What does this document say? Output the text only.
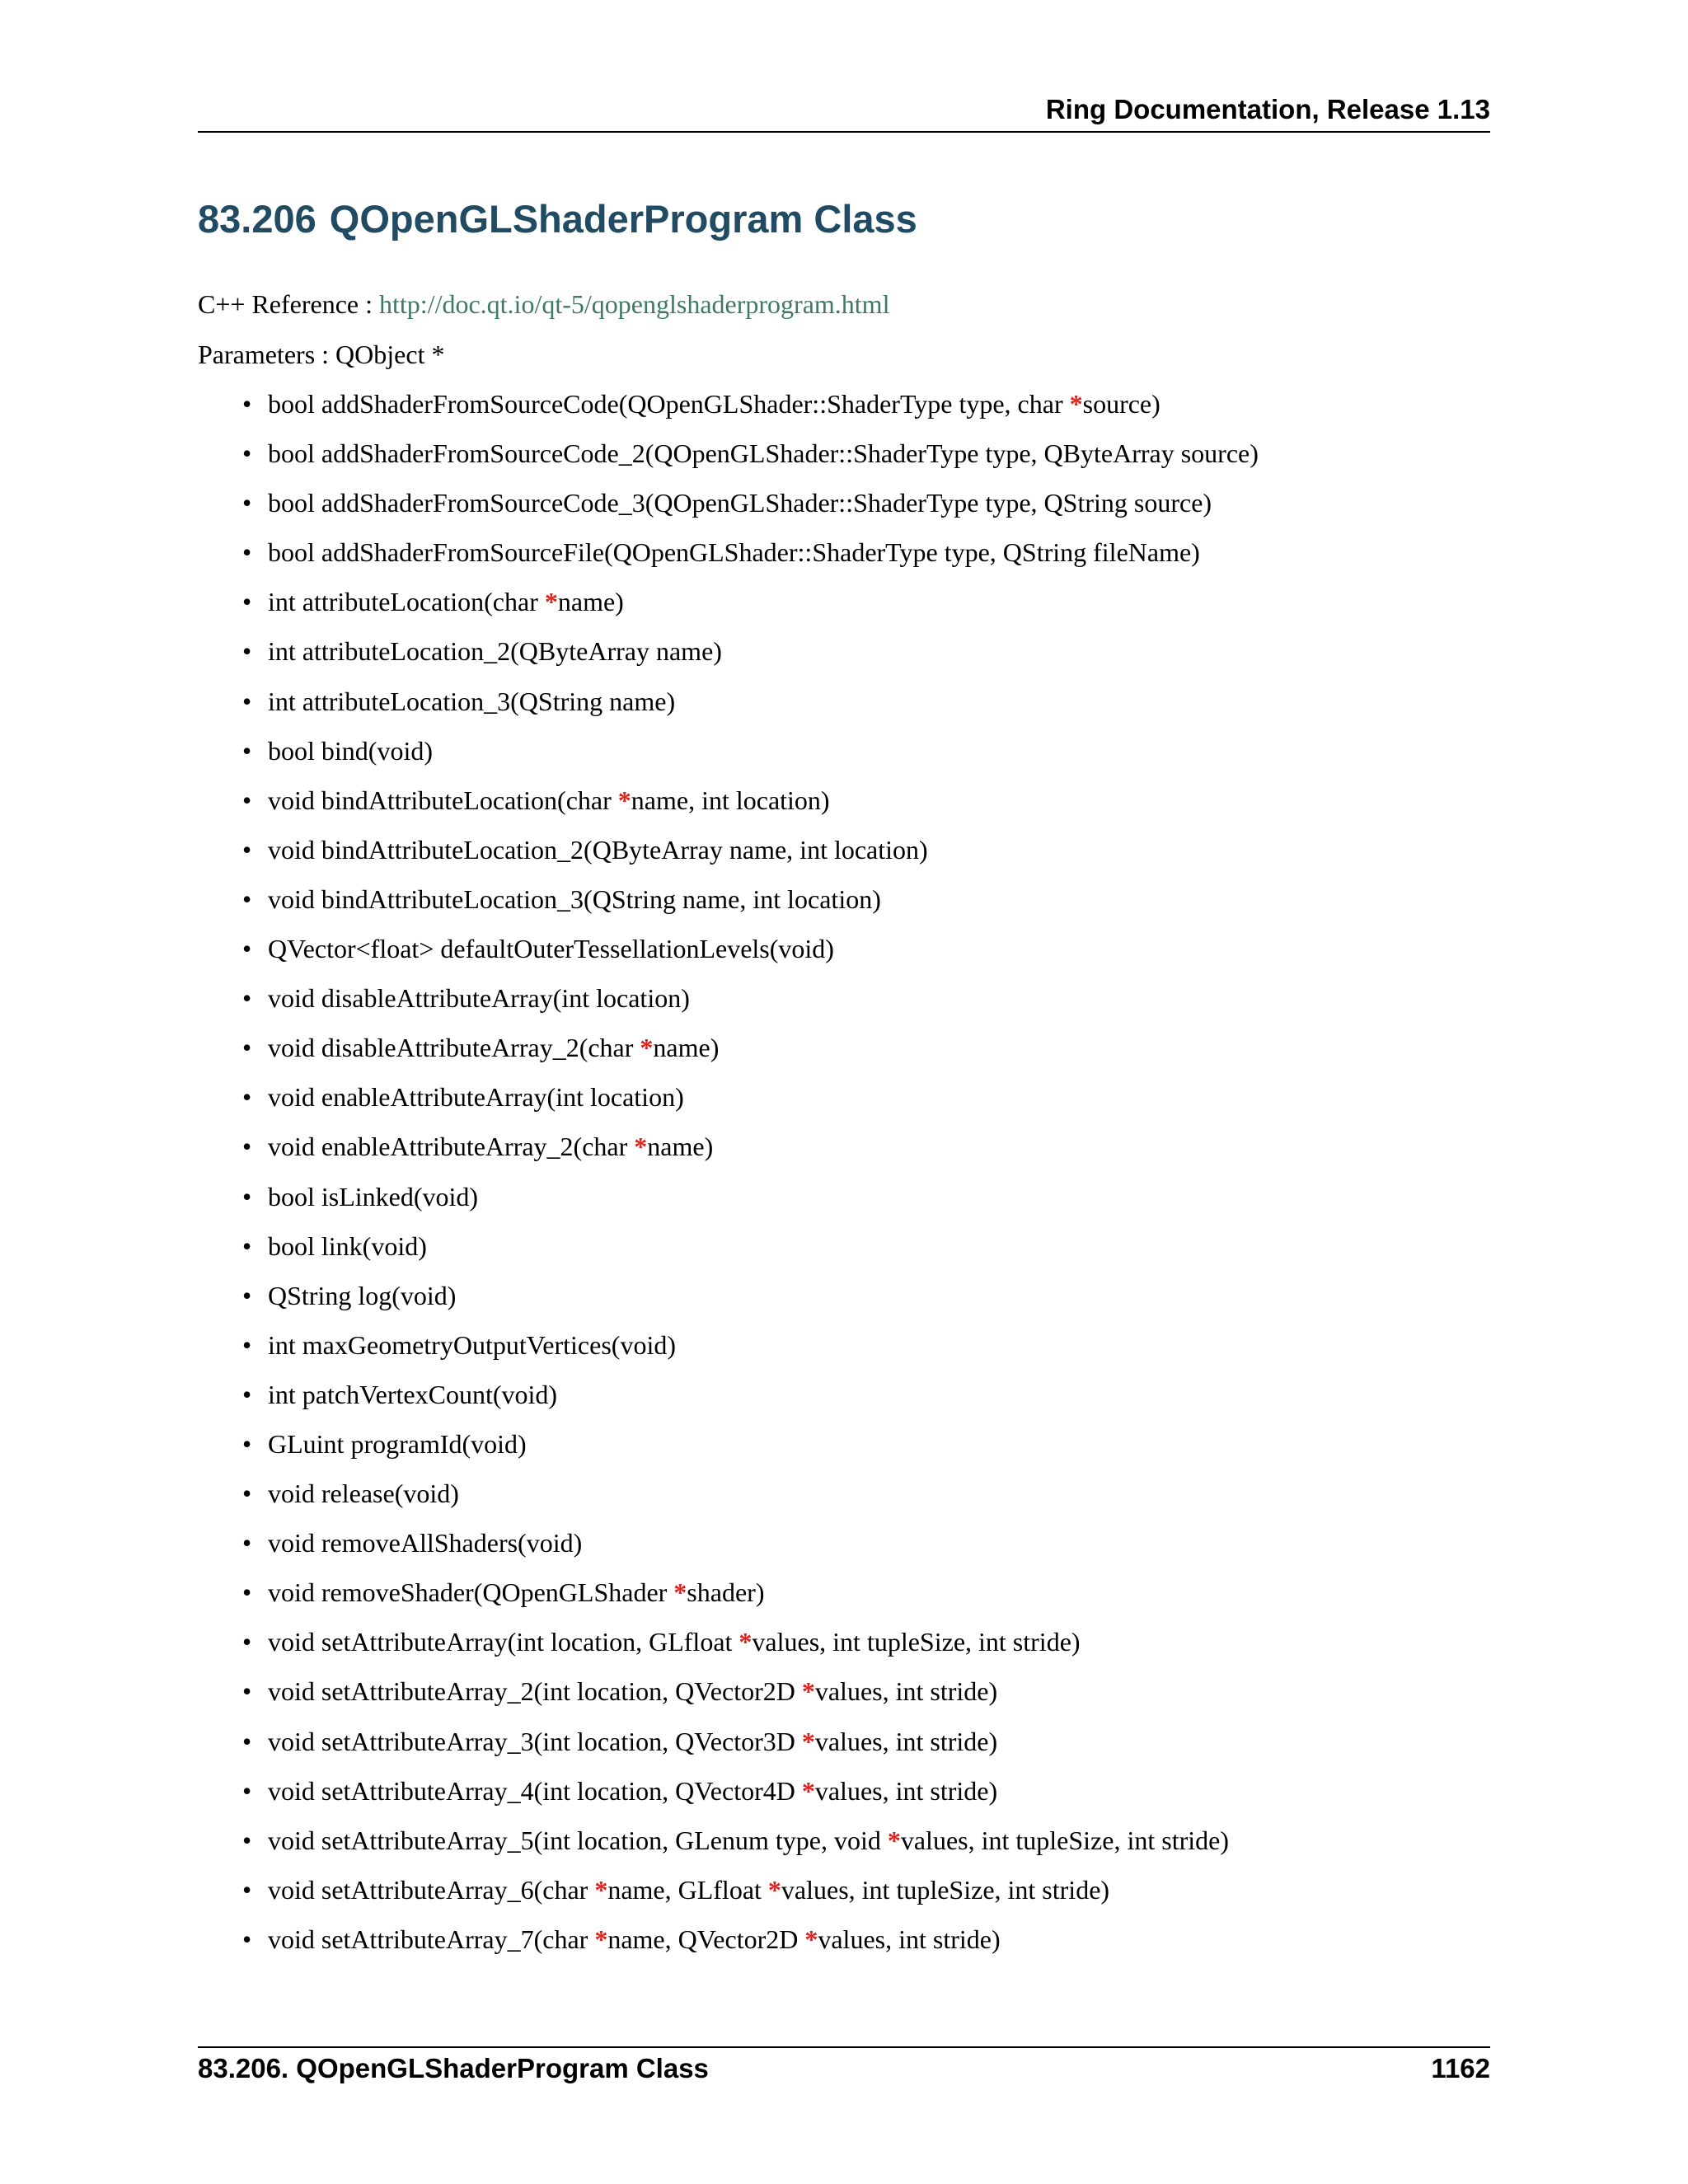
Ring Documentation, Release 1.13
83.206 QOpenGLShaderProgram Class
C++ Reference : http://doc.qt.io/qt-5/qopenglshaderprogram.html
Parameters : QObject *
• bool addShaderFromSourceCode(QOpenGLShader::ShaderType type, char *source)
• bool addShaderFromSourceCode_2(QOpenGLShader::ShaderType type, QByteArray source)
• bool addShaderFromSourceCode_3(QOpenGLShader::ShaderType type, QString source)
• bool addShaderFromSourceFile(QOpenGLShader::ShaderType type, QString fileName)
• int attributeLocation(char *name)
• int attributeLocation_2(QByteArray name)
• int attributeLocation_3(QString name)
• bool bind(void)
• void bindAttributeLocation(char *name, int location)
• void bindAttributeLocation_2(QByteArray name, int location)
• void bindAttributeLocation_3(QString name, int location)
• QVector<float> defaultOuterTessellationLevels(void)
• void disableAttributeArray(int location)
• void disableAttributeArray_2(char *name)
• void enableAttributeArray(int location)
• void enableAttributeArray_2(char *name)
• bool isLinked(void)
• bool link(void)
• QString log(void)
• int maxGeometryOutputVertices(void)
• int patchVertexCount(void)
• GLuint programId(void)
• void release(void)
• void removeAllShaders(void)
• void removeShader(QOpenGLShader *shader)
• void setAttributeArray(int location, GLfloat *values, int tupleSize, int stride)
• void setAttributeArray_2(int location, QVector2D *values, int stride)
• void setAttributeArray_3(int location, QVector3D *values, int stride)
• void setAttributeArray_4(int location, QVector4D *values, int stride)
• void setAttributeArray_5(int location, GLenum type, void *values, int tupleSize, int stride)
• void setAttributeArray_6(char *name, GLfloat *values, int tupleSize, int stride)
• void setAttributeArray_7(char *name, QVector2D *values, int stride)
83.206. QOpenGLShaderProgram Class	1162
